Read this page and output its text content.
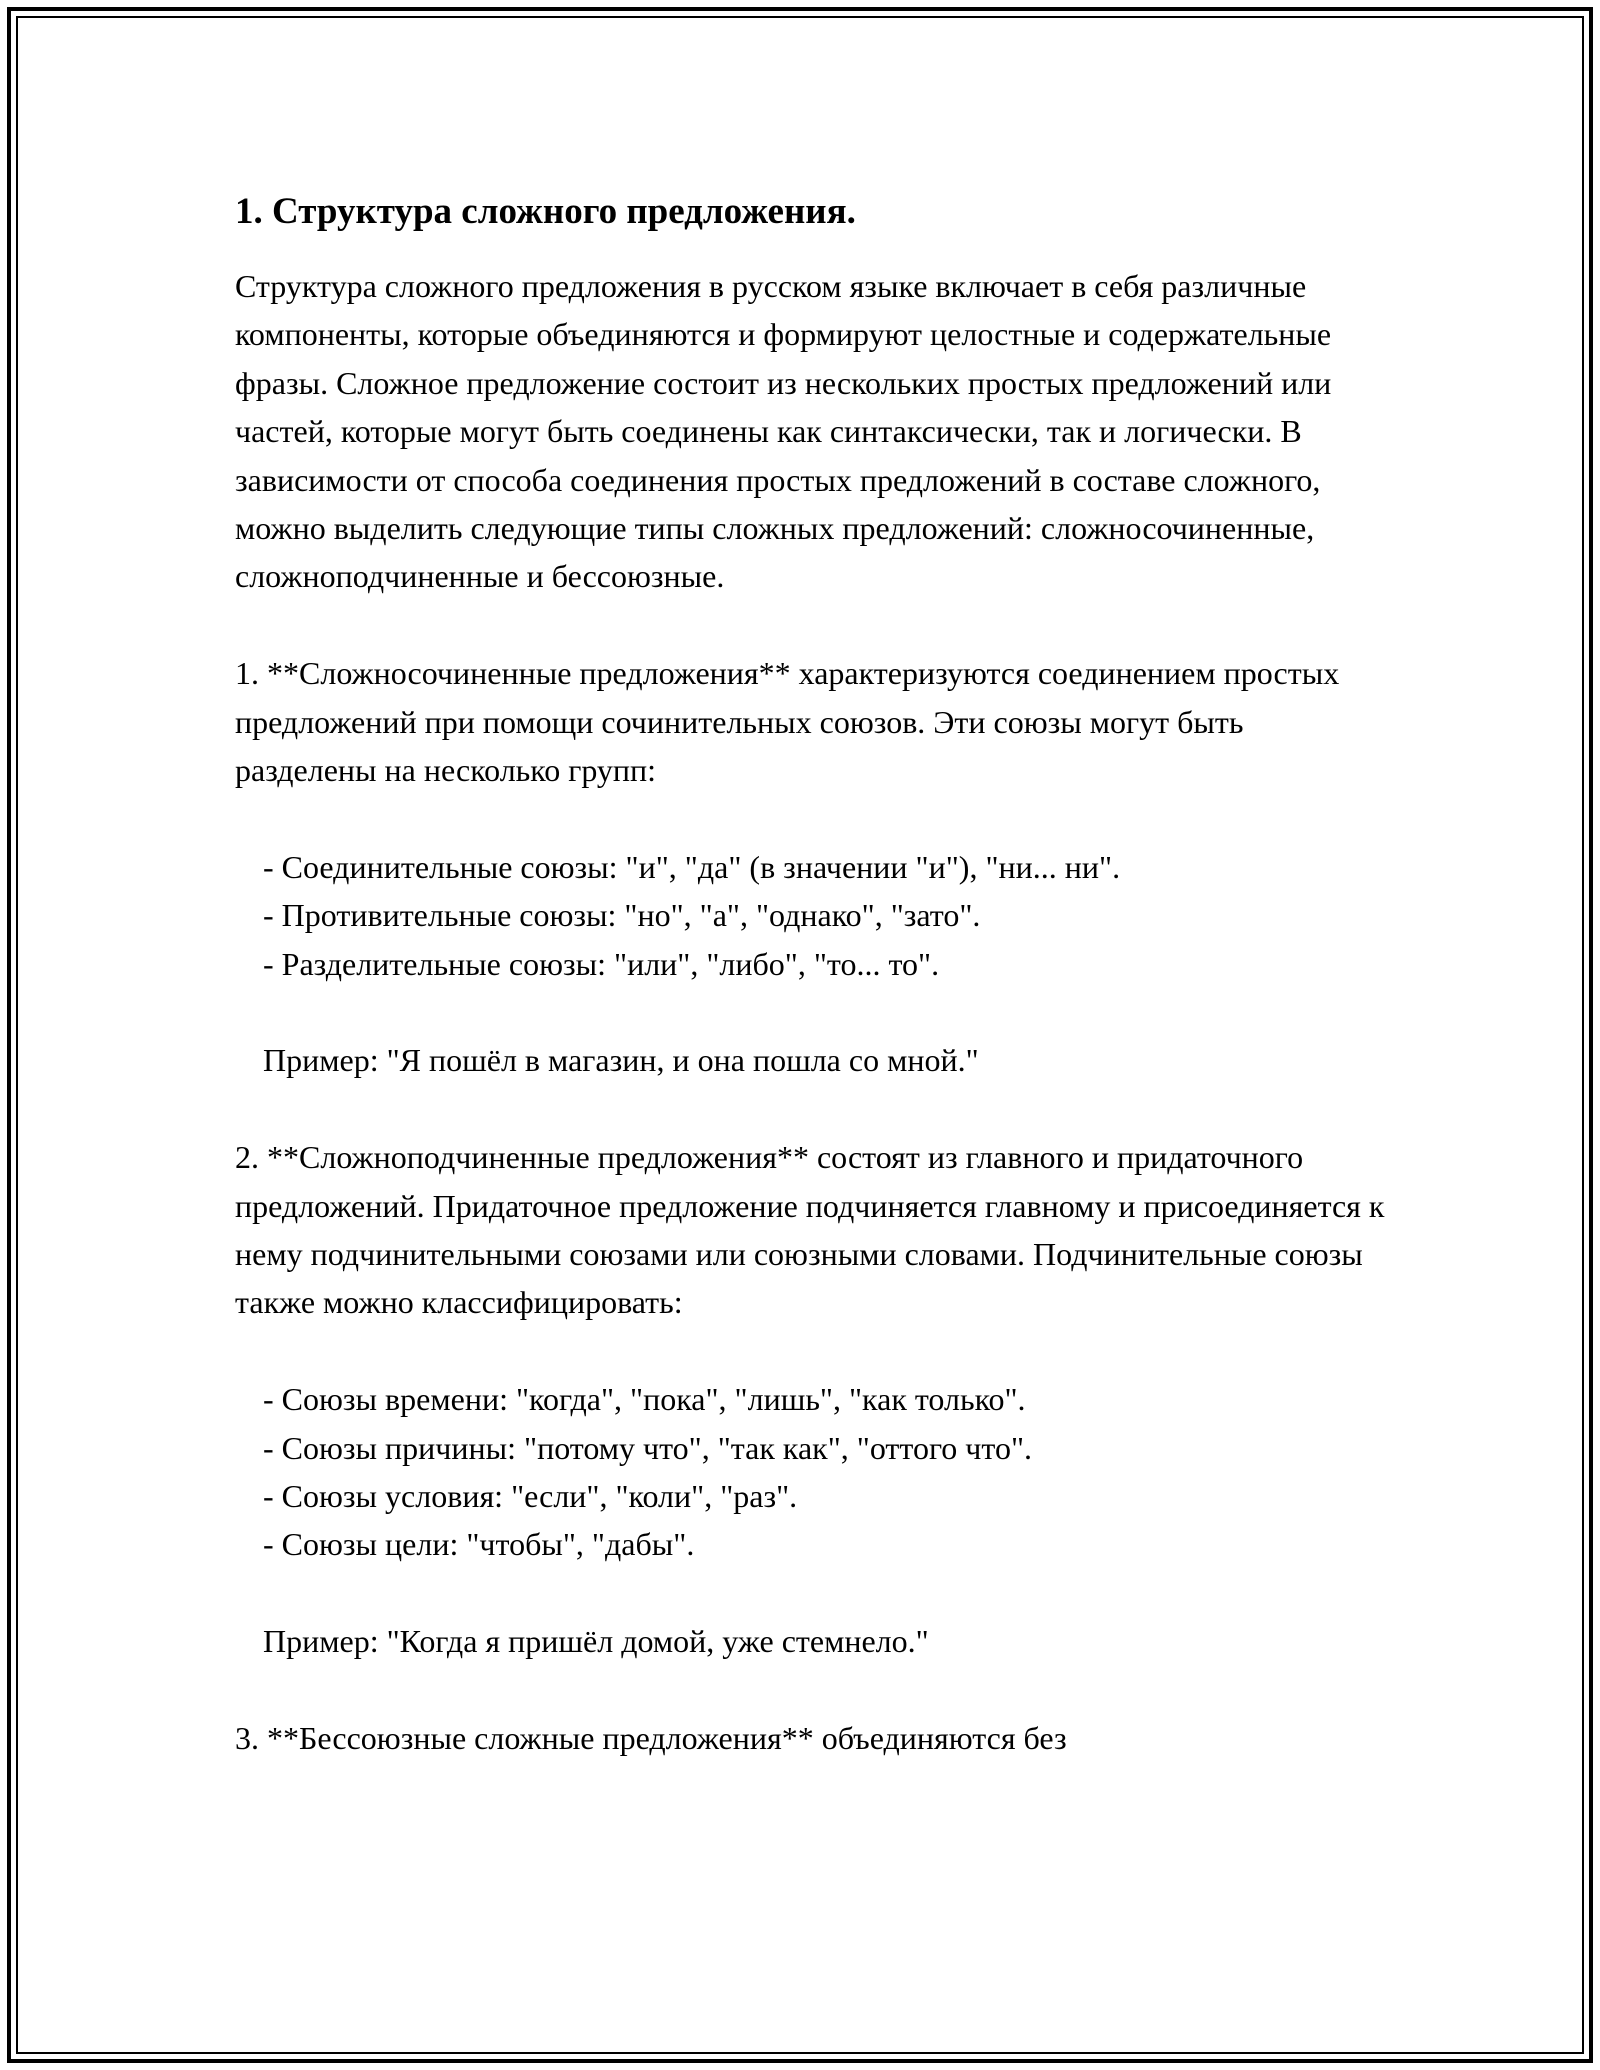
1. Структура сложного предложения.

Структура сложного предложения в русском языке включает в себя различные компоненты, которые объединяются и формируют целостные и содержательные фразы. Сложное предложение состоит из нескольких простых предложений или частей, которые могут быть соединены как синтаксически, так и логически. В зависимости от способа соединения простых предложений в составе сложного, можно выделить следующие типы сложных предложений: сложносочиненные, сложноподчиненные и бессоюзные.

1. **Сложносочиненные предложения** характеризуются соединением простых предложений при помощи сочинительных союзов. Эти союзы могут быть разделены на несколько групп:

- Соединительные союзы: "и", "да" (в значении "и"), "ни... ни".

- Противительные союзы: "но", "а", "однако", "зато".

- Разделительные союзы: "или", "либо", "то... то".

Пример: "Я пошёл в магазин, и она пошла со мной."

2. **Сложноподчиненные предложения** состоят из главного и придаточного предложений. Придаточное предложение подчиняется главному и присоединяется к нему подчинительными союзами или союзными словами. Подчинительные союзы также можно классифицировать:

- Союзы времени: "когда", "пока", "лишь", "как только".

- Союзы причины: "потому что", "так как", "оттого что".

- Союзы условия: "если", "коли", "раз".

- Союзы цели: "чтобы", "дабы".

Пример: "Когда я пришёл домой, уже стемнело."

3. **Бессоюзные сложные предложения** объединяются без
